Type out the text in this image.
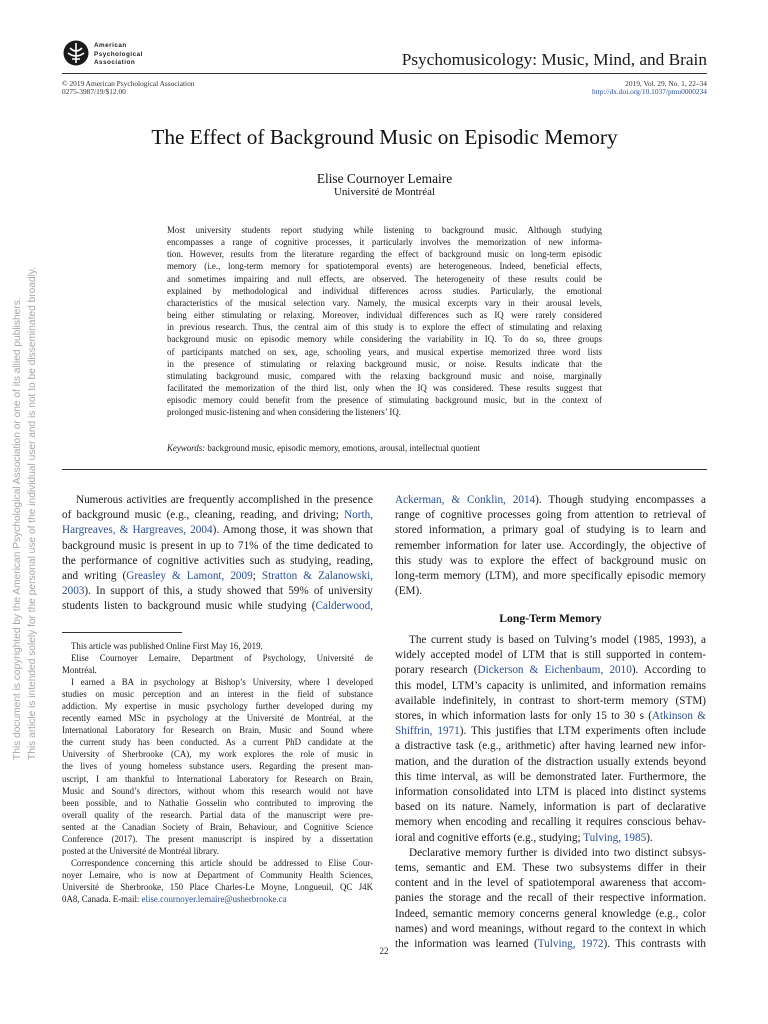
American
Psychological
Association	Psychomusicology: Music, Mind, and Brain
© 2019 American Psychological Association
0275-3987/19/$12.00
2019, Vol. 29, No. 1, 22–34
http://dx.doi.org/10.1037/pmu0000234
The Effect of Background Music on Episodic Memory
Elise Cournoyer Lemaire
Université de Montréal
Most university students report studying while listening to background music. Although studying
encompasses a range of cognitive processes, it particularly involves the memorization of new informa-
tion. However, results from the literature regarding the effect of background music on long-term episodic
memory (i.e., long-term memory for spatiotemporal events) are heterogeneous. Indeed, beneficial effects,
and sometimes impairing and null effects, are observed. The heterogeneity of these results could be
explained by methodological and individual differences across studies. Particularly, the emotional
characteristics of the musical selection vary. Namely, the musical excerpts vary in their arousal levels,
being either stimulating or relaxing. Moreover, individual differences such as IQ were rarely considered
in previous research. Thus, the central aim of this study is to explore the effect of stimulating and relaxing
background music on episodic memory while considering the variability in IQ. To do so, three groups
of participants matched on sex, age, schooling years, and musical expertise memorized three word lists
in the presence of stimulating or relaxing background music, or noise. Results indicate that the
stimulating background music, compared with the relaxing background music and noise, marginally
facilitated the memorization of the third list, only when the IQ was considered. These results suggest that
episodic memory could benefit from the presence of stimulating background music, but in the context of
prolonged music-listening and when considering the listeners’ IQ.
Keywords: background music, episodic memory, emotions, arousal, intellectual quotient
Numerous activities are frequently accomplished in the presence
of background music (e.g., cleaning, reading, and driving; North,
Hargreaves, & Hargreaves, 2004). Among those, it was shown that
background music is present in up to 71% of the time dedicated to
the performance of cognitive activities such as studying, reading,
and writing (Greasley & Lamont, 2009; Stratton & Zalanowski,
2003). In support of this, a study showed that 59% of university
students listen to background music while studying (Calderwood,
Ackerman, & Conklin, 2014). Though studying encompasses a
range of cognitive processes going from attention to retrieval of
stored information, a primary goal of studying is to learn and
remember information for later use. Accordingly, the objective of
this study was to explore the effect of background music on
long-term memory (LTM), and more specifically episodic memory
(EM).
Long-Term Memory
The current study is based on Tulving’s model (1985, 1993), a
widely accepted model of LTM that is still supported in contem-
porary research (Dickerson & Eichenbaum, 2010). According to
this model, LTM’s capacity is unlimited, and information remains
available indefinitely, in contrast to short-term memory (STM)
stores, in which information lasts for only 15 to 30 s (Atkinson &
Shiffrin, 1971). This justifies that LTM experiments often include
a distractive task (e.g., arithmetic) after having learned new infor-
mation, and the duration of the distraction usually extends beyond
this time interval, as will be demonstrated later. Furthermore, the
information consolidated into LTM is placed into distinct systems
based on its nature. Namely, information is part of declarative
memory when encoding and recalling it requires conscious behav-
ioral and cognitive efforts (e.g., studying; Tulving, 1985).
Declarative memory further is divided into two distinct subsys-
tems, semantic and EM. These two subsystems differ in their
content and in the level of spatiotemporal awareness that accom-
panies the storage and the recall of their respective information.
Indeed, semantic memory concerns general knowledge (e.g., color
names) and word meanings, without regard to the context in which
the information was learned (Tulving, 1972). This contrasts with
This article was published Online First May 16, 2019.
Elise Cournoyer Lemaire, Department of Psychology, Université de
Montréal.
I earned a BA in psychology at Bishop’s University, where I developed
studies on music perception and an interest in the field of substance
addiction. My expertise in music psychology further developed during my
recently earned MSc in psychology at the Université de Montréal, at the
International Laboratory for Research on Brain, Music and Sound where
the current study has been conducted. As a current PhD candidate at the
University of Sherbrooke (CA), my work explores the role of music in
the lives of young homeless substance users. Regarding the present man-
uscript, I am thankful to International Laboratory for Research on Brain,
Music and Sound’s directors, without whom this research would not have
been possible, and to Nathalie Gosselin who contributed to improving the
overall quality of the research. Partial data of the manuscript were pre-
sented at the Canadian Society of Brain, Behaviour, and Cognitive Science
Conference (2017). The present manuscript is inspired by a dissertation
posted at the Université de Montréal library.
Correspondence concerning this article should be addressed to Elise Cour-
noyer Lemaire, who is now at Department of Community Health Sciences,
Université de Sherbrooke, 150 Place Charles-Le Moyne, Longueuil, QC J4K
0A8, Canada. E-mail: elise.cournoyer.lemaire@usherbrooke.ca
22
This document is copyrighted by the American Psychological Association or one of its allied publishers. This article is intended solely for the personal use of the individual user and is not to be disseminated broadly.
